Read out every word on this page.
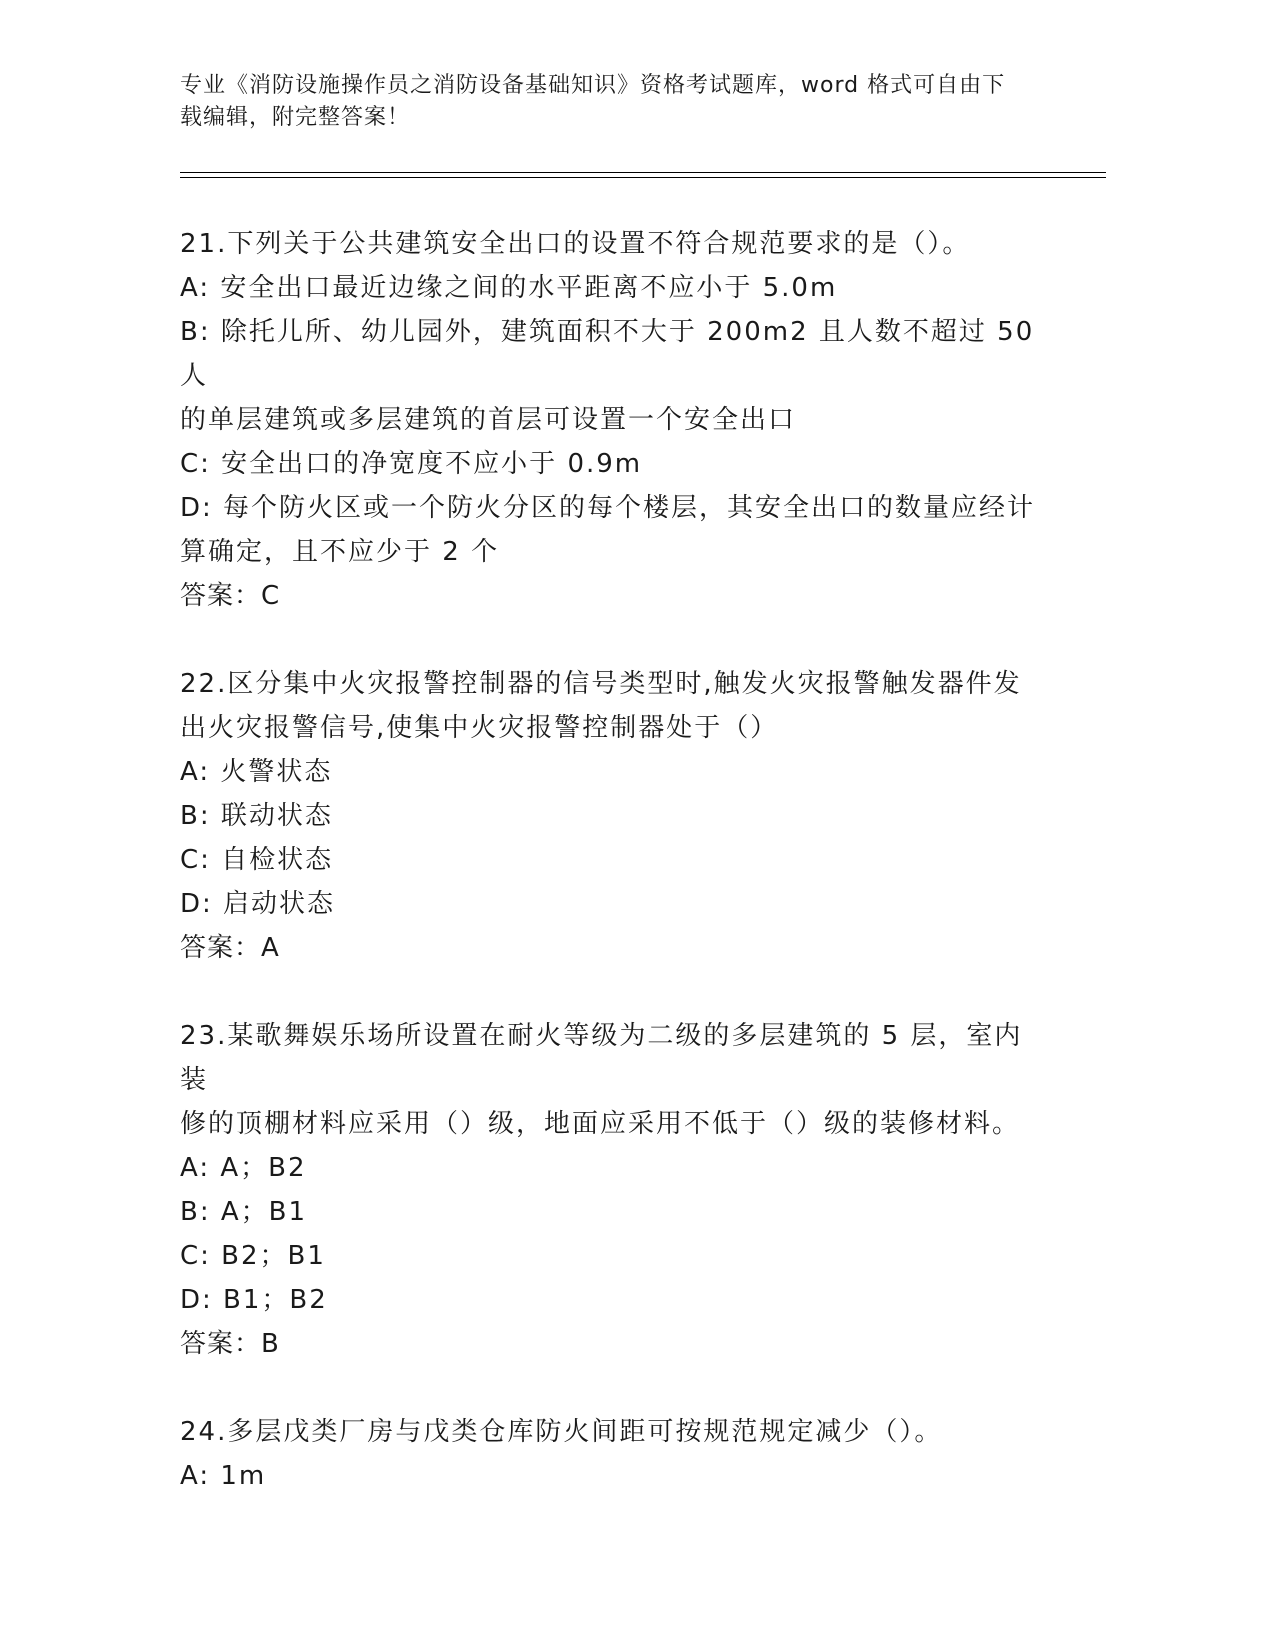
专业《消防设施操作员之消防设备基础知识》资格考试题库，word 格式可自由下

载编辑，附完整答案！

21.下列关于公共建筑安全出口的设置不符合规范要求的是（）。

A: 安全出口最近边缘之间的水平距离不应小于 5.0m

B: 除托儿所、幼儿园外，建筑面积不大于 200m2 且人数不超过 50 人

的单层建筑或多层建筑的首层可设置一个安全出口

C: 安全出口的净宽度不应小于 0.9m

D: 每个防火区或一个防火分区的每个楼层，其安全出口的数量应经计

算确定，且不应少于 2 个

答案：C

22.区分集中火灾报警控制器的信号类型时,触发火灾报警触发器件发

出火灾报警信号,使集中火灾报警控制器处于（）

A: 火警状态

B: 联动状态

C: 自检状态

D: 启动状态

答案：A

23.某歌舞娱乐场所设置在耐火等级为二级的多层建筑的 5 层，室内装

修的顶棚材料应采用（）级，地面应采用不低于（）级的装修材料。

A: A；B2

B: A；B1

C: B2；B1

D: B1；B2

答案：B

24.多层戊类厂房与戊类仓库防火间距可按规范规定减少（）。

A: 1m
